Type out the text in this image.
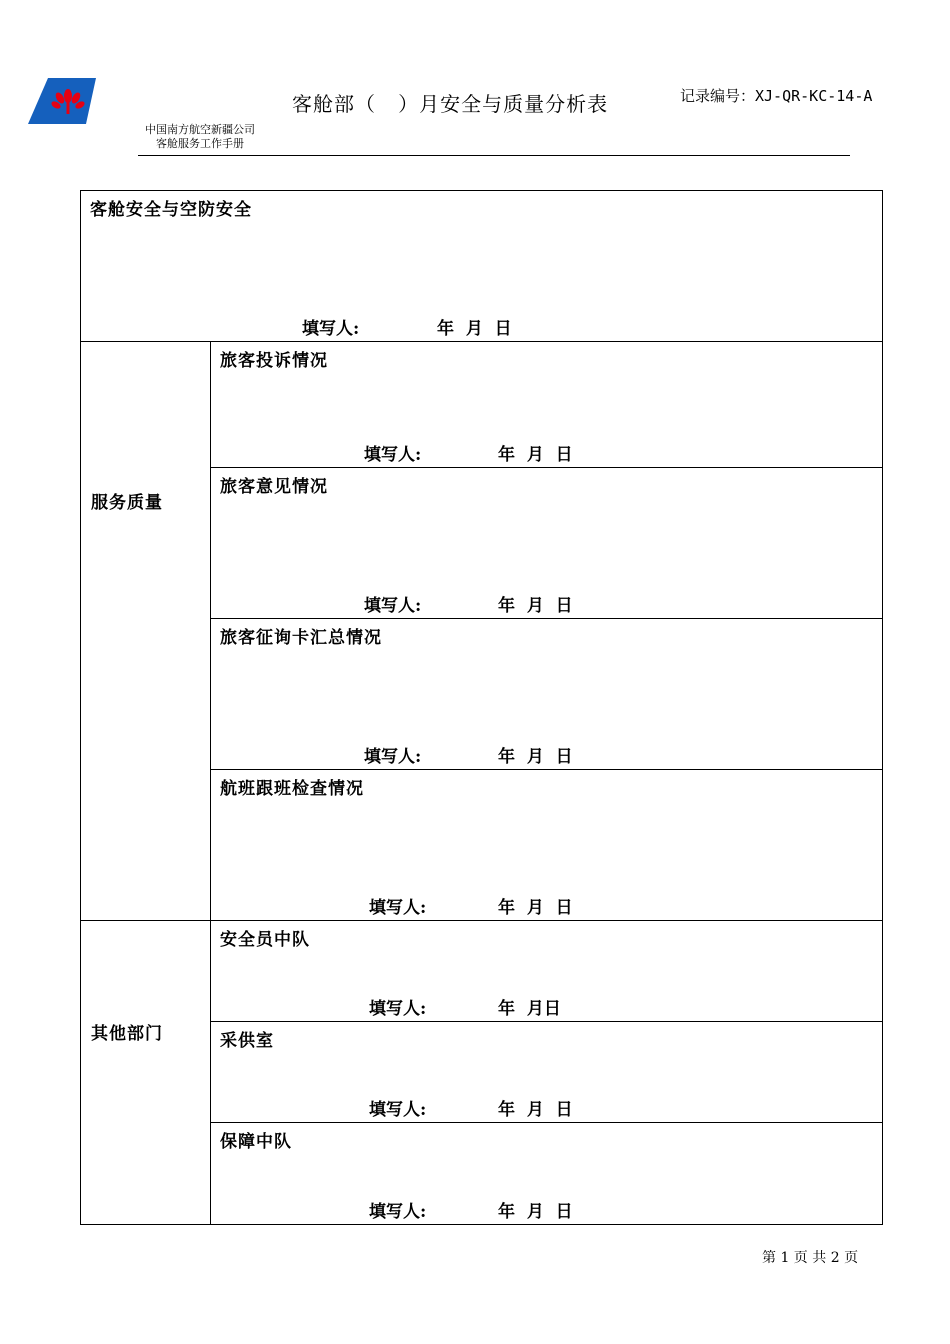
中国南方航空新疆公司
客舱服务工作手册
客舱部（   ）月安全与质量分析表	记录编号：XJ-QR-KC-14-A
客舱安全与空防安全
填写人: 年  月  日	

服务质量	旅客投诉情况
填写人: 年  月  日

	旅客意见情况
填写人: 年  月  日

	旅客征询卡汇总情况
填写人: 年  月  日

	航班跟班检查情况
填写人: 年  月  日

其他部门	安全员中队
填写人: 年  月日

	采供室
填写人: 年  月  日

	保障中队
填写人: 年  月  日
第 1 页 共 2 页
